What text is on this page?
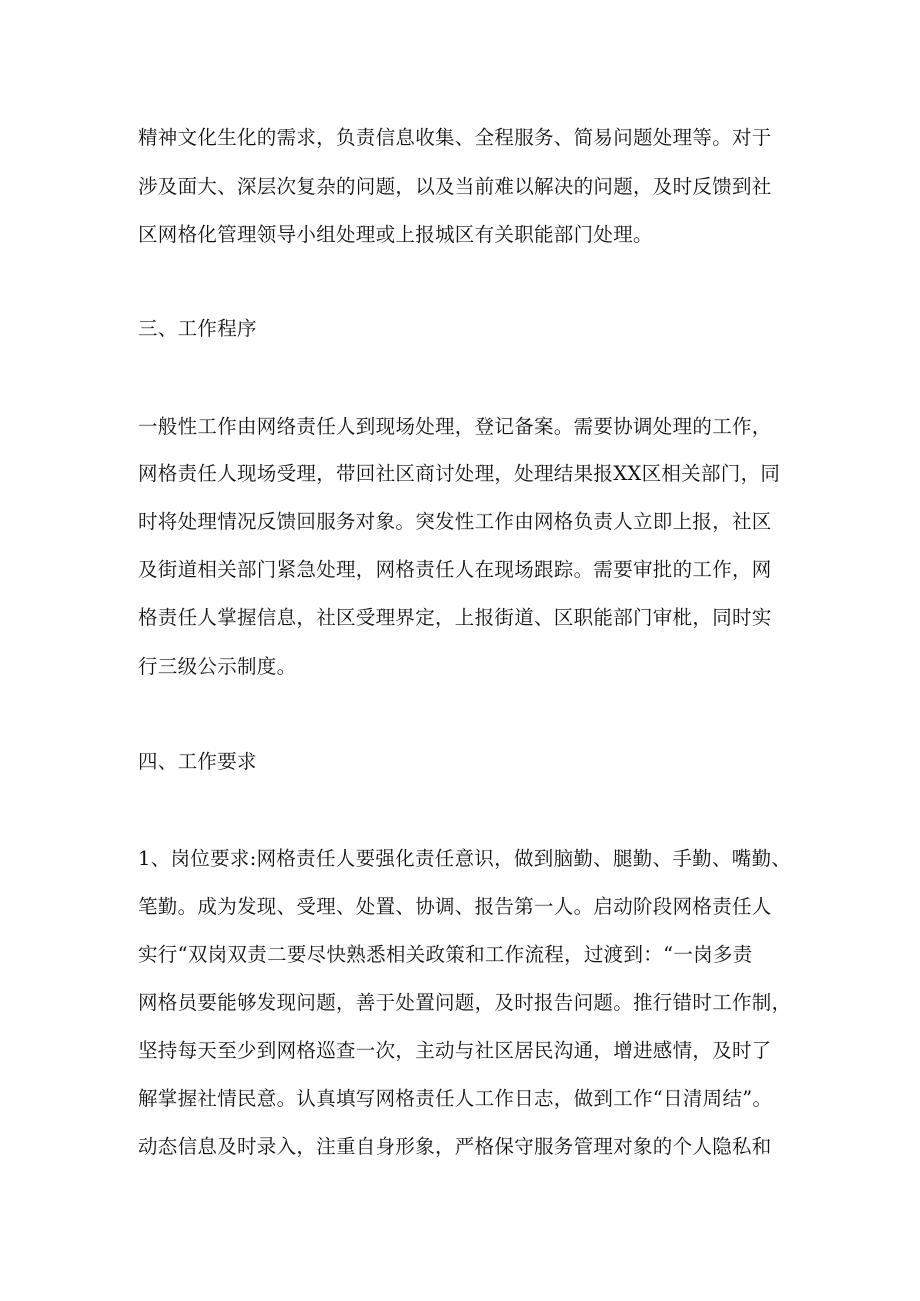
精神文化生化的需求，负责信息收集、全程服务、简易问题处理等。对于
涉及面大、深层次复杂的问题，以及当前难以解决的问题，及时反馈到社
区网格化管理领导小组处理或上报城区有关职能部门处理。
三、工作程序
一般性工作由网络责任人到现场处理，登记备案。需要协调处理的工作，
网格责任人现场受理，带回社区商讨处理，处理结果报XX区相关部门，同
时将处理情况反馈回服务对象。突发性工作由网格负责人立即上报，社区
及街道相关部门紧急处理，网格责任人在现场跟踪。需要审批的工作，网
格责任人掌握信息，社区受理界定，上报街道、区职能部门审枇，同时实
行三级公示制度。
四、工作要求
1、岗位要求:网格责任人要强化责任意识，做到脑勤、腿勤、手勤、嘴勤、
笔勤。成为发现、受理、处置、协调、报告第一人。启动阶段网格责任人
实行“双岗双责二要尽快熟悉相关政策和工作流程，过渡到：“一岗多责
网格员要能够发现问题，善于处置问题，及时报告问题。推行错时工作制，
坚持每天至少到网格巡查一次，主动与社区居民沟通，增进感情，及时了
解掌握社情民意。认真填写网格责任人工作日志，做到工作“日清周结”。
动态信息及时录入，注重自身形象，严格保守服务管理对象的个人隐私和
